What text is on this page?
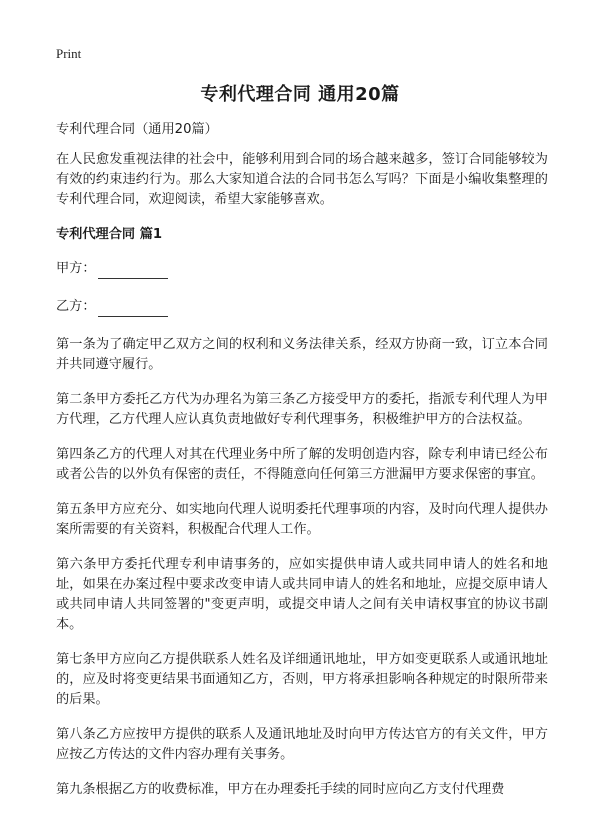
Print
专利代理合同 通用20篇

专利代理合同（通用20篇）

在人民愈发重视法律的社会中，能够利用到合同的场合越来越多，签订合同能够较为有效的约束违约行为。那么大家知道合法的合同书怎么写吗？下面是小编收集整理的专利代理合同，欢迎阅读，希望大家能够喜欢。

专利代理合同 篇1

甲方：
乙方：

第一条为了确定甲乙双方之间的权利和义务法律关系，经双方协商一致，订立本合同并共同遵守履行。

第二条甲方委托乙方代为办理名为第三条乙方接受甲方的委托，指派专利代理人为甲方代理，乙方代理人应认真负责地做好专利代理事务，积极维护甲方的合法权益。

第四条乙方的代理人对其在代理业务中所了解的发明创造内容，除专利申请已经公布或者公告的以外负有保密的责任，不得随意向任何第三方泄漏甲方要求保密的事宜。

第五条甲方应充分、如实地向代理人说明委托代理事项的内容，及时向代理人提供办案所需要的有关资料，积极配合代理人工作。

第六条甲方委托代理专利申请事务的，应如实提供申请人或共同申请人的姓名和地址，如果在办案过程中要求改变申请人或共同申请人的姓名和地址，应提交原申请人或共同申请人共同签署的"变更声明，或提交申请人之间有关申请权事宜的协议书副本。

第七条甲方应向乙方提供联系人姓名及详细通讯地址，甲方如变更联系人或通讯地址的，应及时将变更结果书面通知乙方，否则，甲方将承担影响各种规定的时限所带来的后果。

第八条乙方应按甲方提供的联系人及通讯地址及时向甲方传达官方的有关文件，甲方应按乙方传达的文件内容办理有关事务。

第九条根据乙方的收费标准，甲方在办理委托手续的同时应向乙方支付代理费
